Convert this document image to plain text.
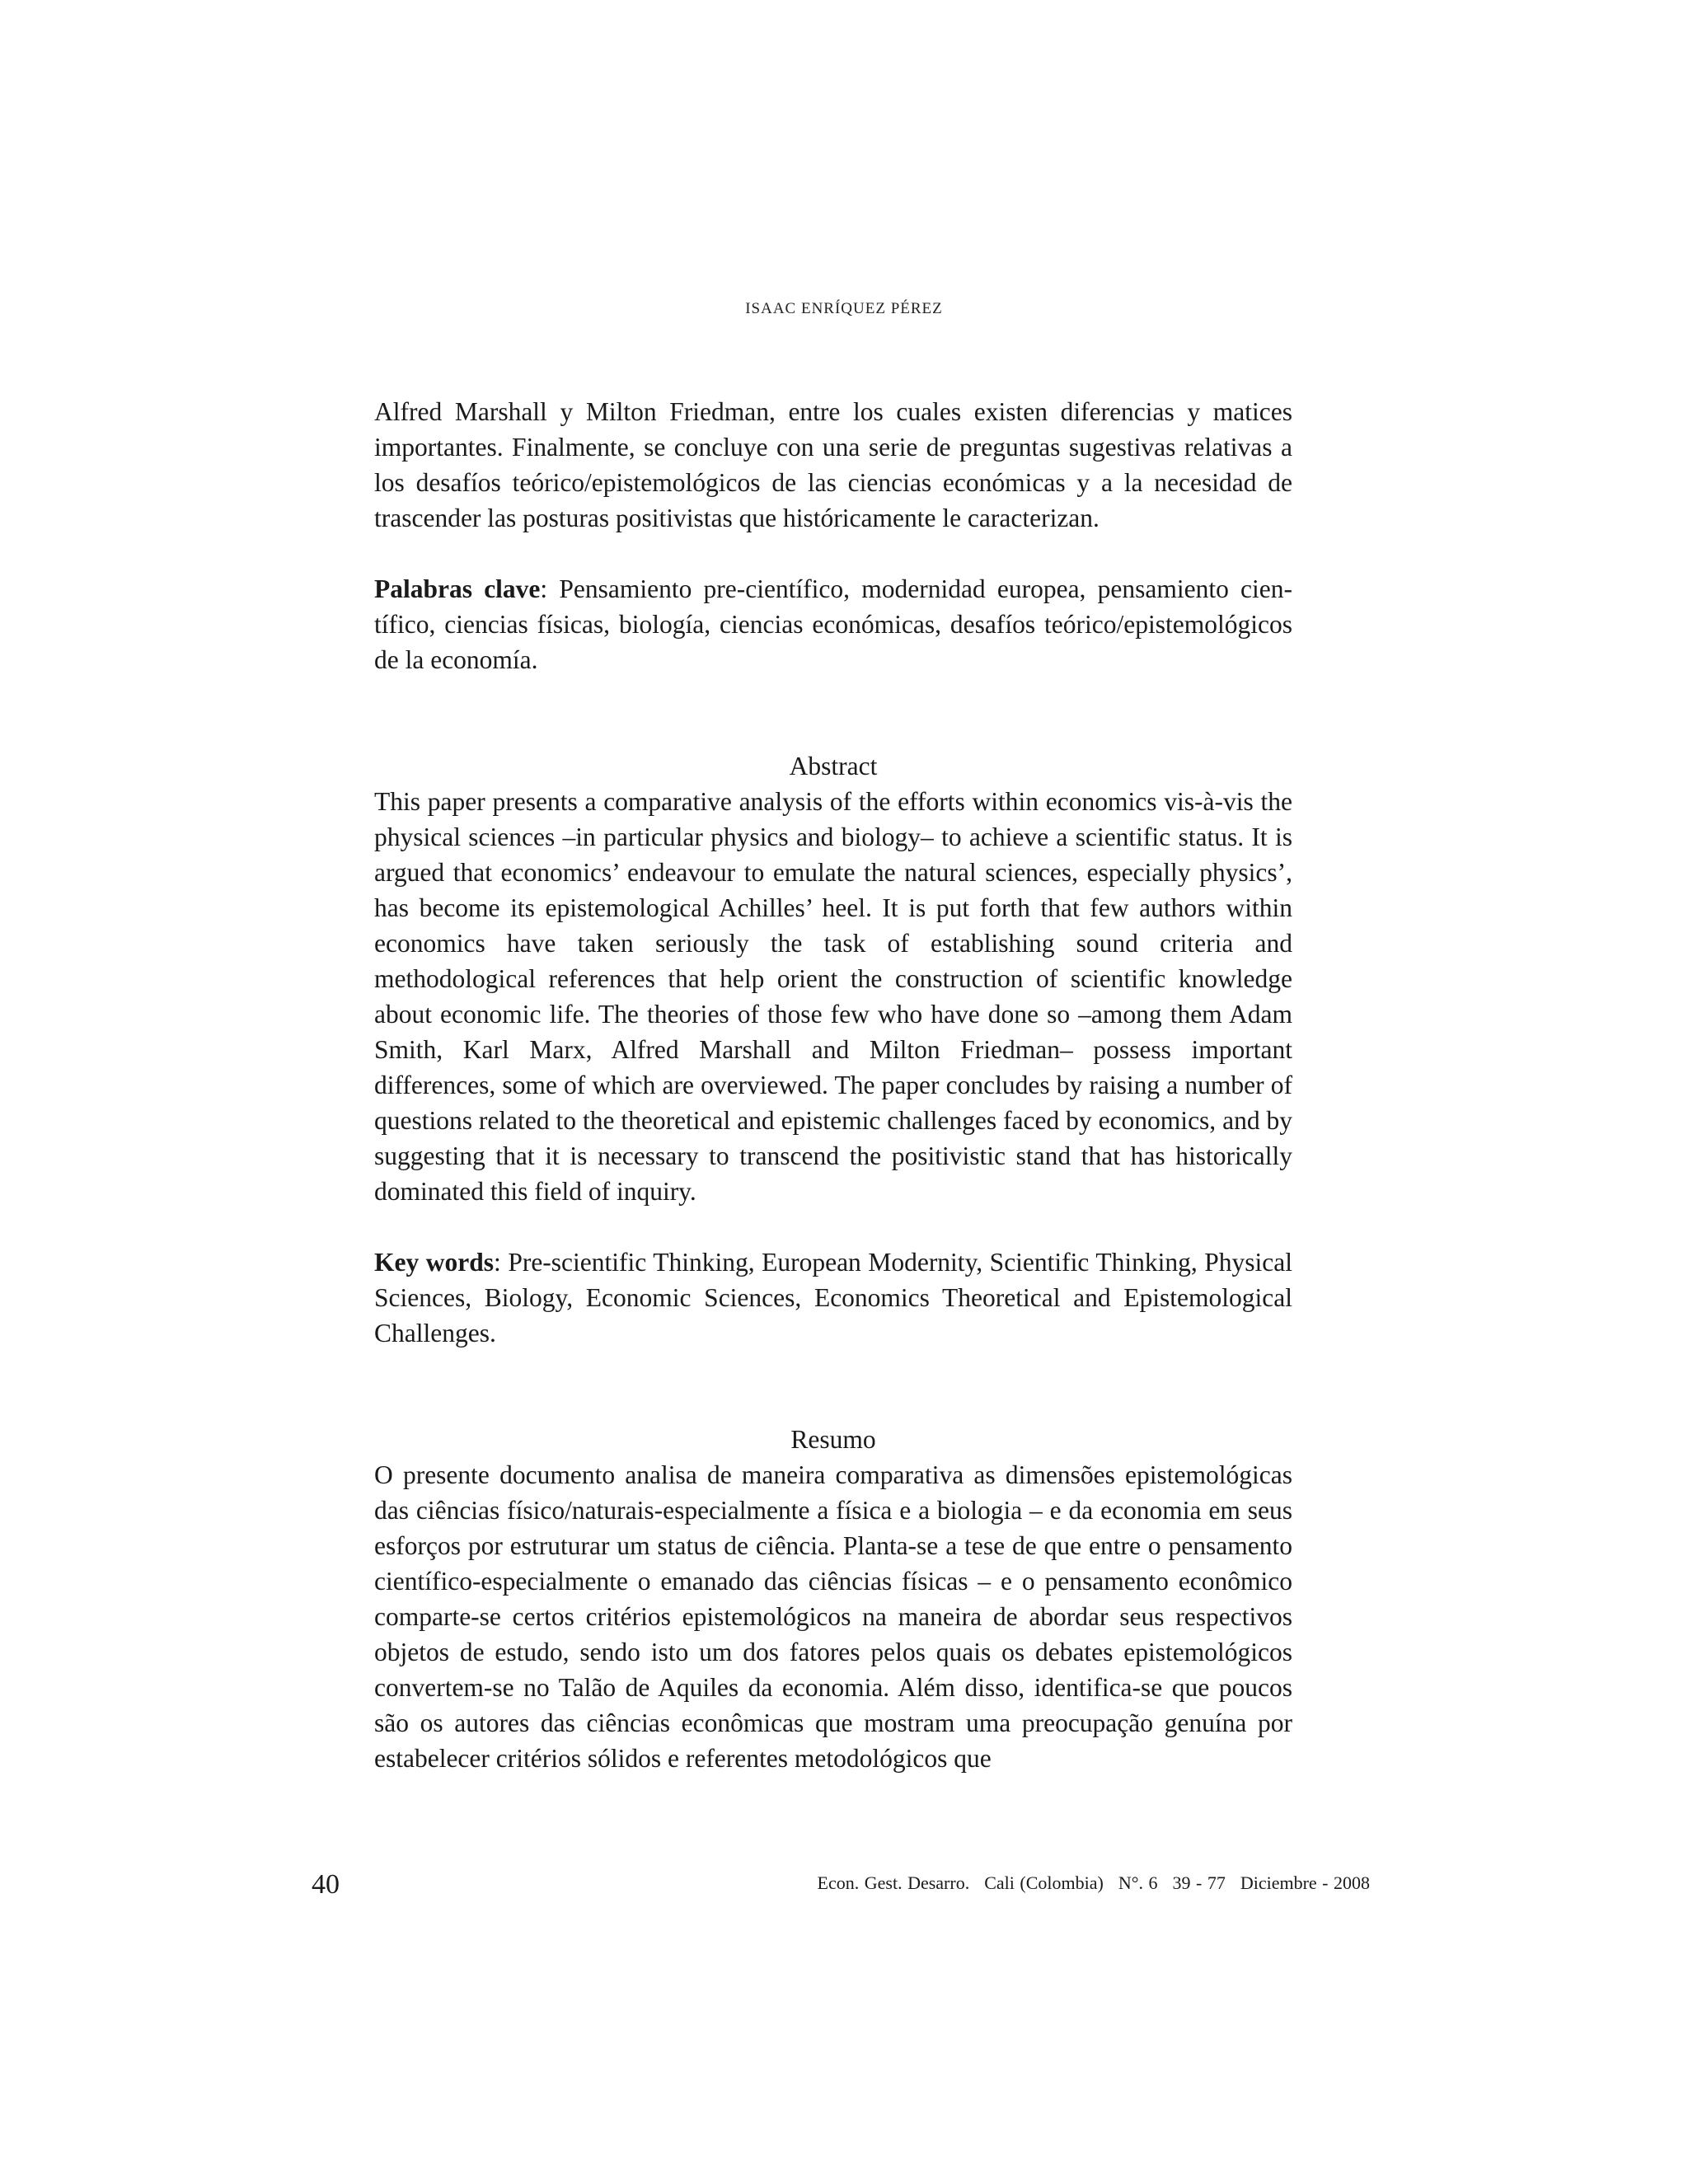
ISAAC ENRÍQUEZ PÉREZ

Alfred Marshall y Milton Friedman, entre los cuales existen diferencias y matices importantes. Finalmente, se concluye con una serie de preguntas sugestivas relativas a los desafíos teórico/epistemológicos de las ciencias económicas y a la necesidad de trascender las posturas positivistas que históricamente le caracterizan.

Palabras clave: Pensamiento pre-científico, modernidad europea, pensamiento científico, ciencias físicas, biología, ciencias económicas, desafíos teórico/epistemológicos de la economía.

Abstract

This paper presents a comparative analysis of the efforts within economics vis-à-vis the physical sciences –in particular physics and biology– to achieve a scientific status. It is argued that economics’ endeavour to emulate the natural sciences, especially physics’, has become its epistemological Achilles’ heel. It is put forth that few authors within economics have taken seriously the task of establishing sound criteria and methodological references that help orient the construction of scientific knowledge about economic life. The theories of those few who have done so –among them Adam Smith, Karl Marx, Alfred Marshall and Milton Friedman– possess important differences, some of which are overviewed. The paper concludes by raising a number of questions related to the theoretical and epistemic challenges faced by economics, and by suggesting that it is necessary to transcend the positivistic stand that has historically dominated this field of inquiry.

Key words: Pre-scientific Thinking, European Modernity, Scientific Thinking, Physical Sciences, Biology, Economic Sciences, Economics Theoretical and Epistemological Challenges.

Resumo

O presente documento analisa de maneira comparativa as dimensões epistemológicas das ciências físico/naturais-especialmente a física e a biologia – e da economia em seus esforços por estruturar um status de ciência. Planta-se a tese de que entre o pensamento científico-especialmente o emanado das ciências físicas – e o pensamento econômico comparte-se certos critérios epistemológicos na maneira de abordar seus respectivos objetos de estudo, sendo isto um dos fatores pelos quais os debates epistemológicos convertem-se no Talão de Aquiles da economia. Além disso, identifica-se que poucos são os autores das ciências econômicas que mostram uma preocupação genuína por estabelecer critérios sólidos e referentes metodológicos que

40	Econ. Gest. Desarro. Cali (Colombia) N°. 6 39 - 77 Diciembre - 2008
